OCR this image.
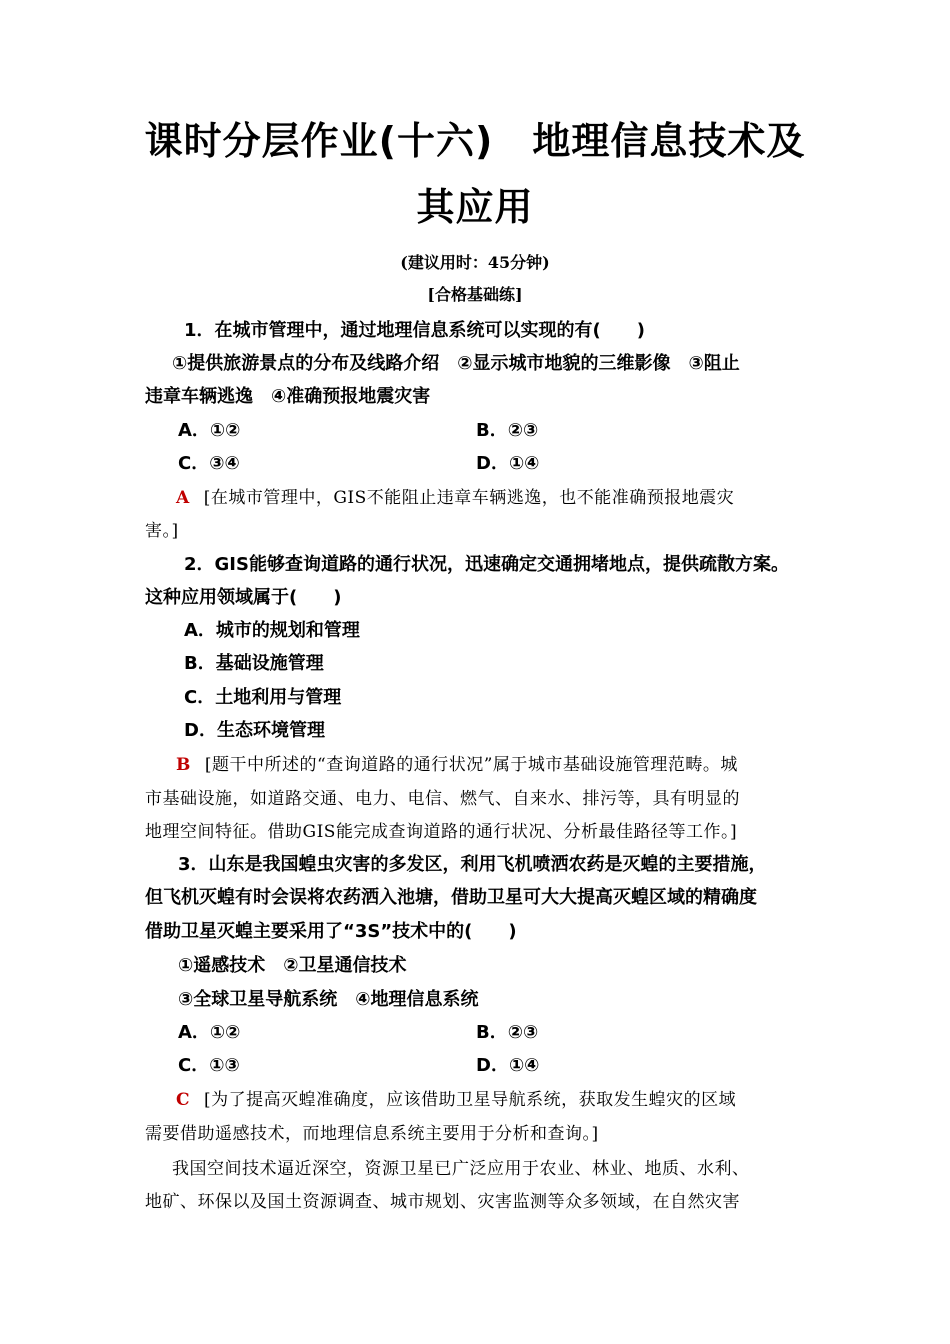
课时分层作业(十六)　地理信息技术及
其应用
(建议用时：45分钟)
[合格基础练]
1．在城市管理中，通过地理信息系统可以实现的有(　　)
①提供旅游景点的分布及线路介绍　②显示城市地貌的三维影像　③阻止
违章车辆逃逸　④准确预报地震灾害
A．①②	B．②③
C．③④	D．①④
A [在城市管理中，GIS不能阻止违章车辆逃逸，也不能准确预报地震灾
害。]
2．GIS能够查询道路的通行状况，迅速确定交通拥堵地点，提供疏散方案。
这种应用领域属于(　　)
A．城市的规划和管理
B．基础设施管理
C．土地利用与管理
D．生态环境管理
B [题干中所述的“查询道路的通行状况”属于城市基础设施管理范畴。城
市基础设施，如道路交通、电力、电信、燃气、自来水、排污等，具有明显的
地理空间特征。借助GIS能完成查询道路的通行状况、分析最佳路径等工作。]
3．山东是我国蝗虫灾害的多发区，利用飞机喷洒农药是灭蝗的主要措施，
但飞机灭蝗有时会误将农药洒入池塘，借助卫星可大大提高灭蝗区域的精确度
借助卫星灭蝗主要采用了“3S”技术中的(　　)
①遥感技术　②卫星通信技术
③全球卫星导航系统　④地理信息系统
A．①②	B．②③
C．①③	D．①④
C [为了提高灭蝗准确度，应该借助卫星导航系统，获取发生蝗灾的区域
需要借助遥感技术，而地理信息系统主要用于分析和查询。]
我国空间技术逼近深空，资源卫星已广泛应用于农业、林业、地质、水利、
地矿、环保以及国土资源调查、城市规划、灾害监测等众多领域，在自然灾害
